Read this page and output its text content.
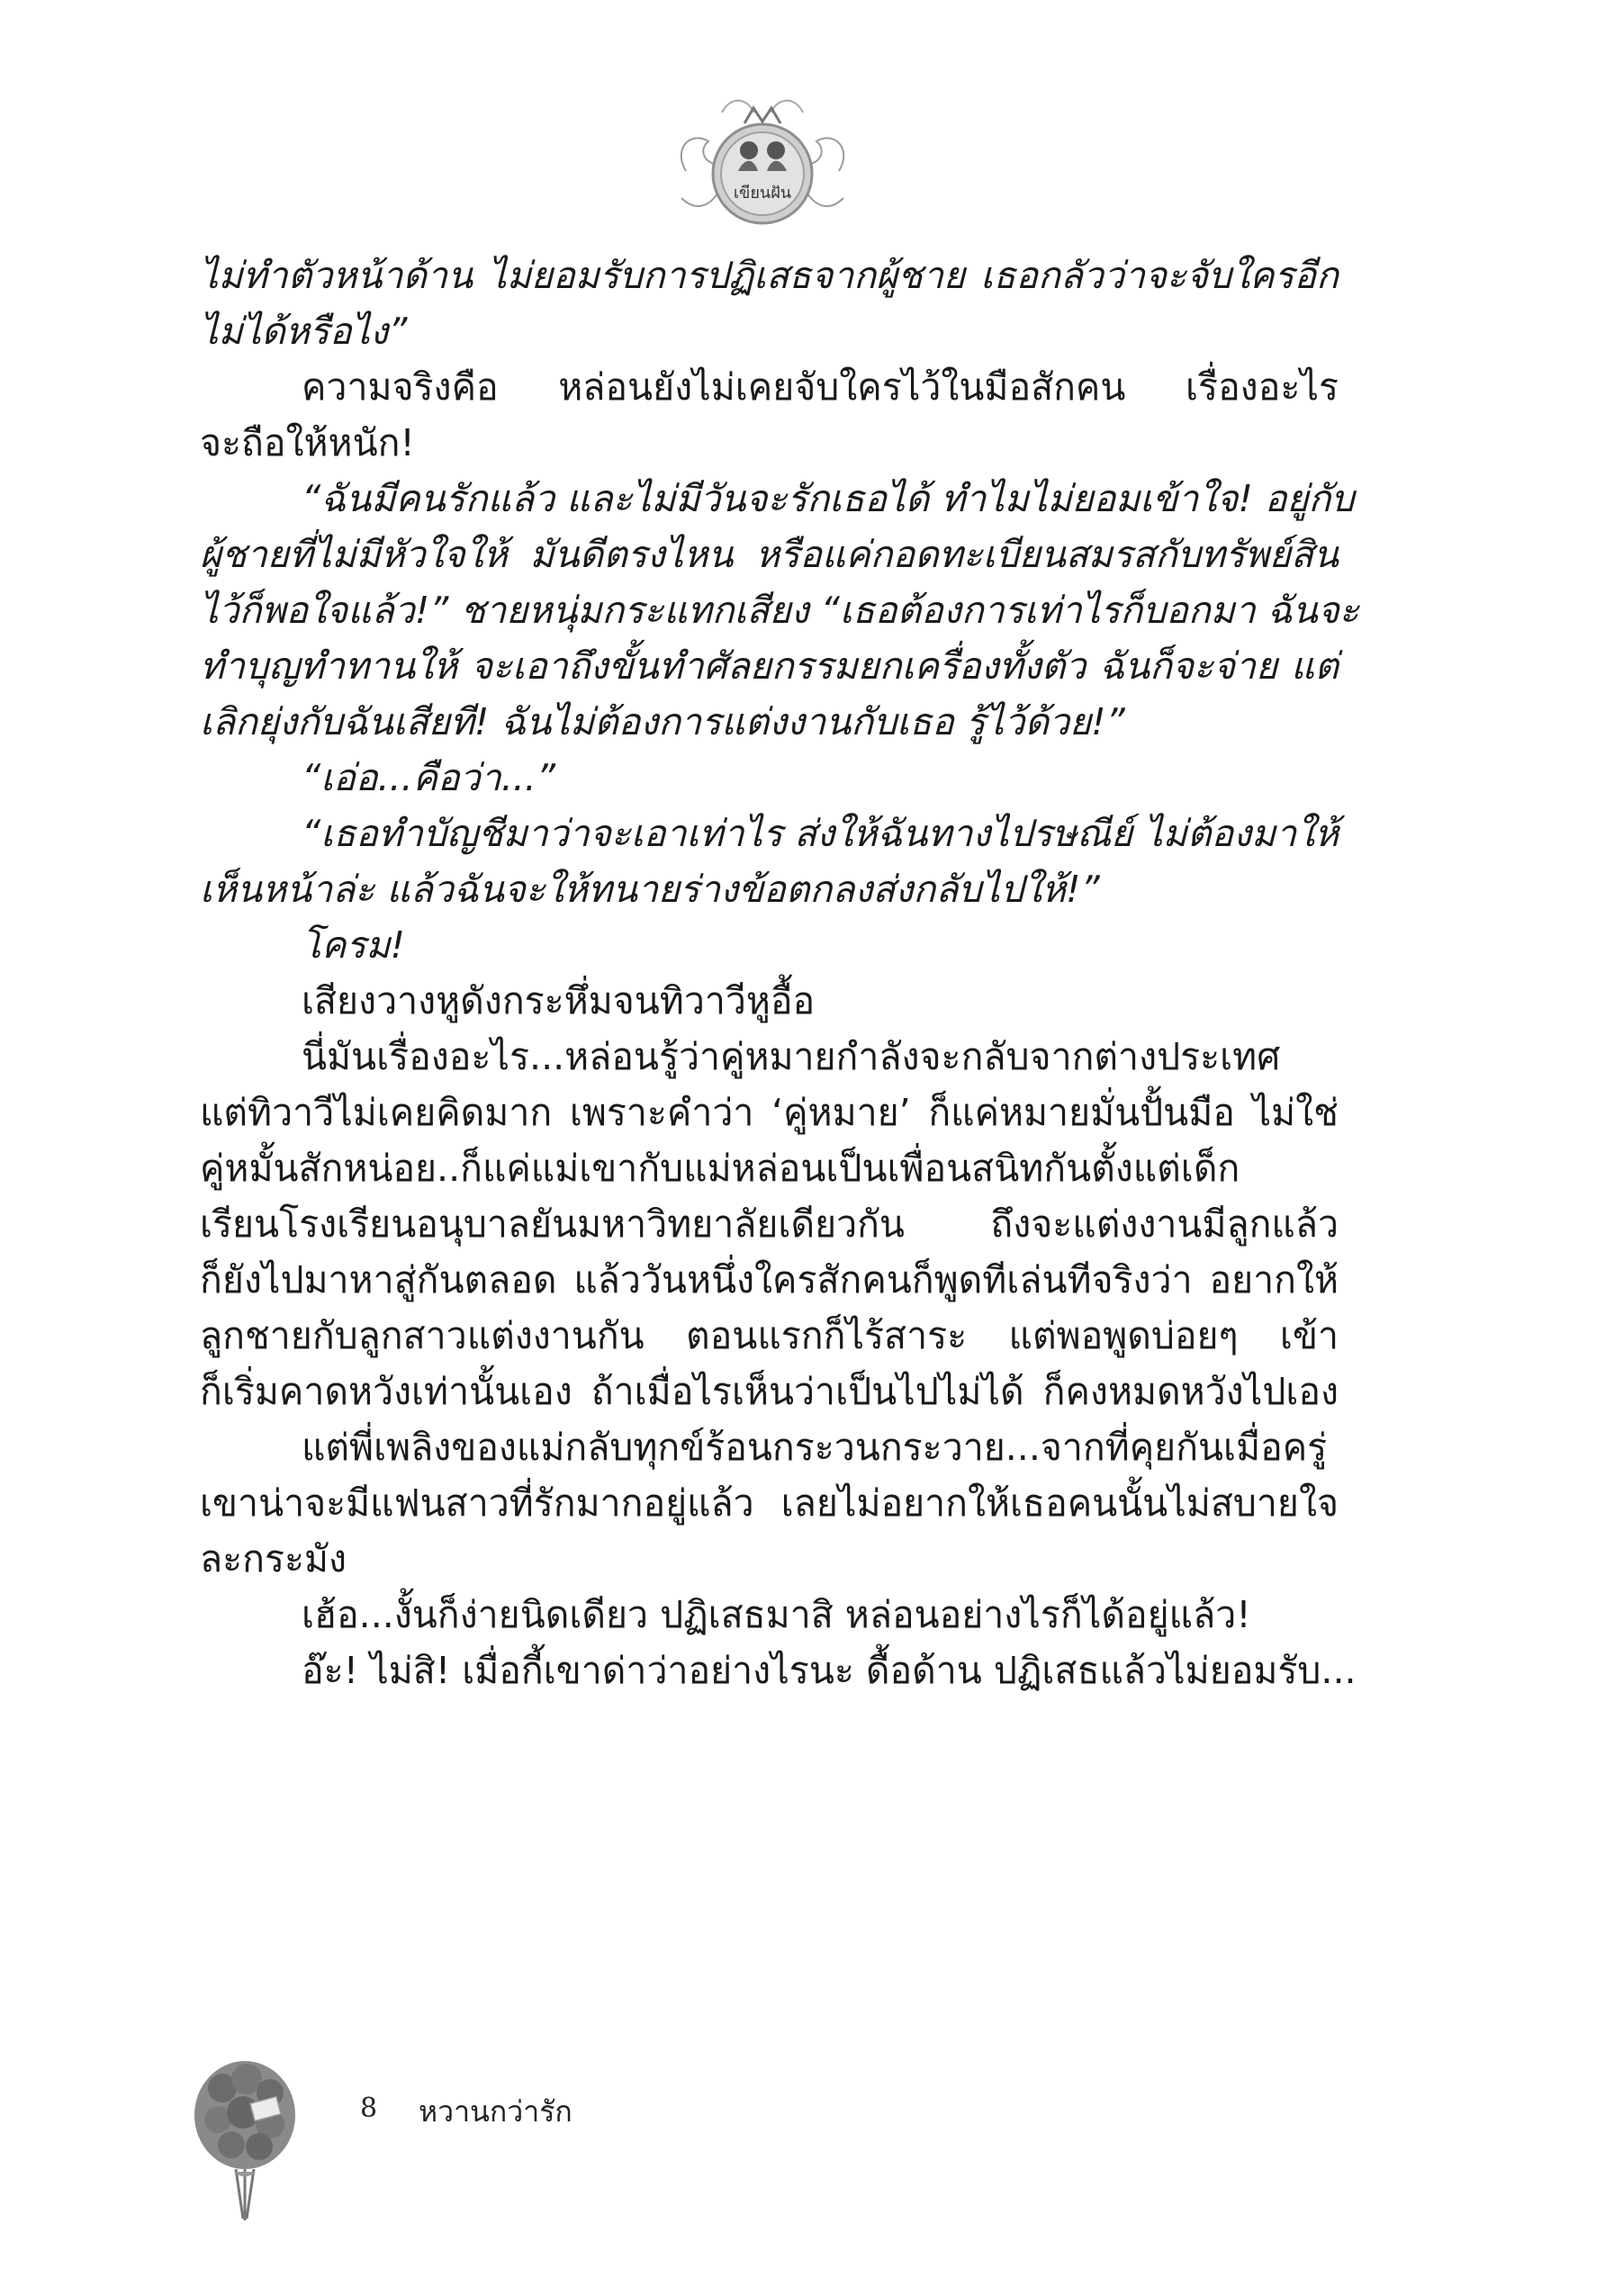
เขียนฝัน
ไม่ทำตัวหน้าด้าน ไม่ยอมรับการปฏิเสธจากผู้ชาย เธอกลัวว่าจะจับใครอีก
ไม่ได้หรือไง”
ความจริงคือ หล่อนยังไม่เคยจับใครไว้ในมือสักคน เรื่องอะไร
จะถือให้หนัก!
“ฉันมีคนรักแล้ว และไม่มีวันจะรักเธอได้ ทำไมไม่ยอมเข้าใจ! อยู่กับ
ผู้ชายที่ไม่มีหัวใจให้ มันดีตรงไหน หรือแค่กอดทะเบียนสมรสกับทรัพย์สิน
ไว้ก็พอใจแล้ว!” ชายหนุ่มกระแทกเสียง “เธอต้องการเท่าไรก็บอกมา ฉันจะ
ทำบุญทำทานให้ จะเอาถึงขั้นทำศัลยกรรมยกเครื่องทั้งตัว ฉันก็จะจ่าย แต่
เลิกยุ่งกับฉันเสียที! ฉันไม่ต้องการแต่งงานกับเธอ รู้ไว้ด้วย!”
“เอ่อ...คือว่า...”
“เธอทำบัญชีมาว่าจะเอาเท่าไร ส่งให้ฉันทางไปรษณีย์ ไม่ต้องมาให้
เห็นหน้าล่ะ แล้วฉันจะให้ทนายร่างข้อตกลงส่งกลับไปให้!”
โครม!
เสียงวางหูดังกระหึ่มจนทิวาวีหูอื้อ
นี่มันเรื่องอะไร...หล่อนรู้ว่าคู่หมายกำลังจะกลับจากต่างประเทศ
แต่ทิวาวีไม่เคยคิดมาก เพราะคำว่า ‘คู่หมาย’ ก็แค่หมายมั่นปั้นมือ ไม่ใช่
คู่หมั้นสักหน่อย..ก็แค่แม่เขากับแม่หล่อนเป็นเพื่อนสนิทกันตั้งแต่เด็ก
เรียนโรงเรียนอนุบาลยันมหาวิทยาลัยเดียวกัน ถึงจะแต่งงานมีลูกแล้ว
ก็ยังไปมาหาสู่กันตลอด แล้ววันหนึ่งใครสักคนก็พูดทีเล่นทีจริงว่า อยากให้
ลูกชายกับลูกสาวแต่งงานกัน ตอนแรกก็ไร้สาระ แต่พอพูดบ่อยๆ เข้า
ก็เริ่มคาดหวังเท่านั้นเอง ถ้าเมื่อไรเห็นว่าเป็นไปไม่ได้ ก็คงหมดหวังไปเอง
แต่พี่เพลิงของแม่กลับทุกข์ร้อนกระวนกระวาย...จากที่คุยกันเมื่อครู่
เขาน่าจะมีแฟนสาวที่รักมากอยู่แล้ว เลยไม่อยากให้เธอคนนั้นไม่สบายใจ
ละกระมัง
เฮ้อ...งั้นก็ง่ายนิดเดียว ปฏิเสธมาสิ หล่อนอย่างไรก็ได้อยู่แล้ว!
อ๊ะ! ไม่สิ! เมื่อกี้เขาด่าว่าอย่างไรนะ ดื้อด้าน ปฏิเสธแล้วไม่ยอมรับ...
8 หวานกว่ารัก
